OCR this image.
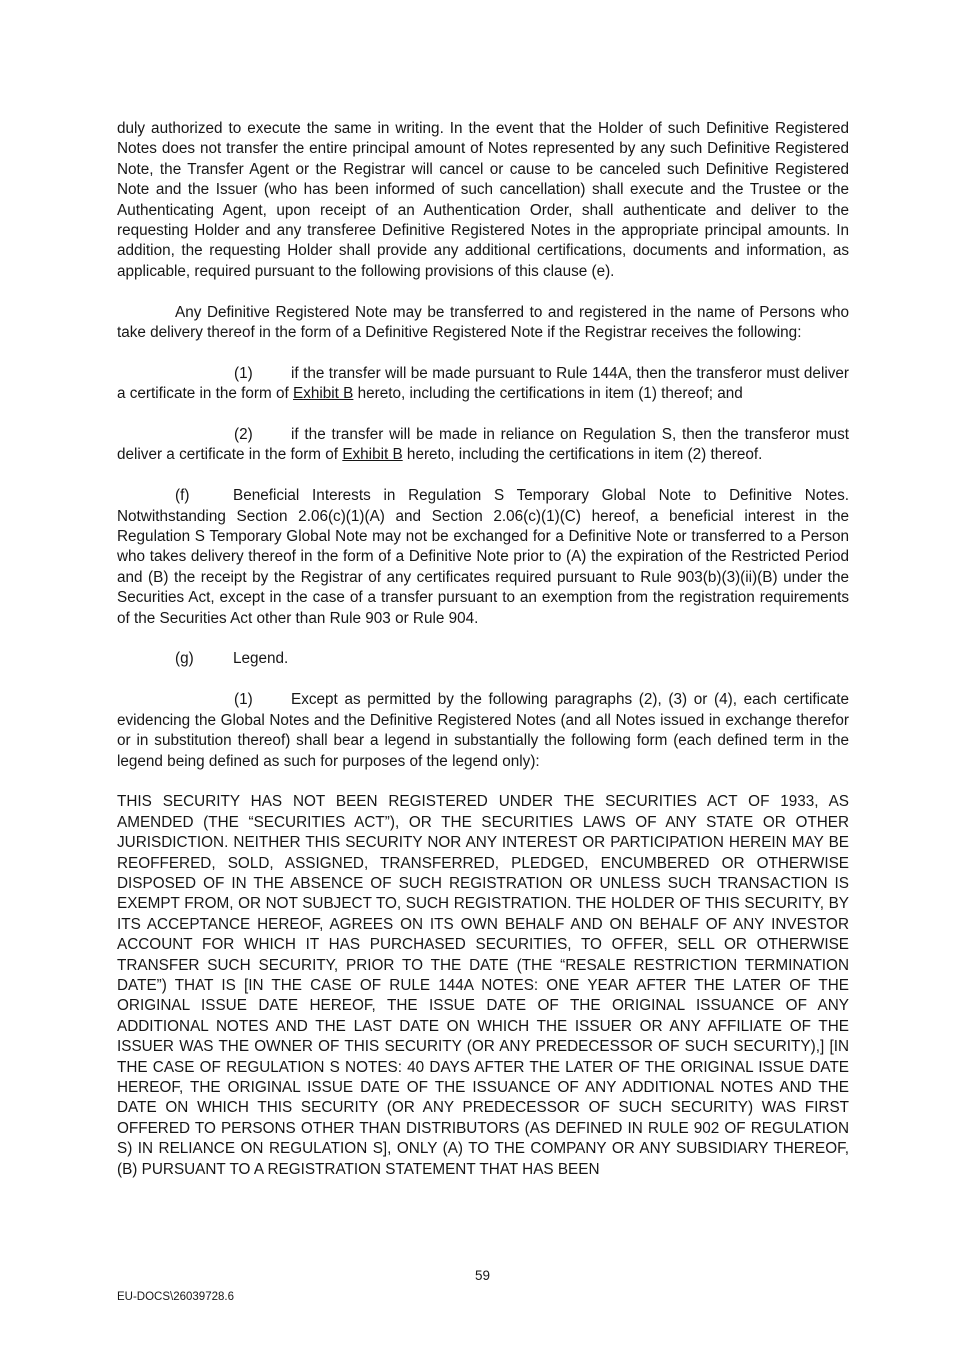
duly authorized to execute the same in writing. In the event that the Holder of such Definitive Registered Notes does not transfer the entire principal amount of Notes represented by any such Definitive Registered Note, the Transfer Agent or the Registrar will cancel or cause to be canceled such Definitive Registered Note and the Issuer (who has been informed of such cancellation) shall execute and the Trustee or the Authenticating Agent, upon receipt of an Authentication Order, shall authenticate and deliver to the requesting Holder and any transferee Definitive Registered Notes in the appropriate principal amounts. In addition, the requesting Holder shall provide any additional certifications, documents and information, as applicable, required pursuant to the following provisions of this clause (e).

Any Definitive Registered Note may be transferred to and registered in the name of Persons who take delivery thereof in the form of a Definitive Registered Note if the Registrar receives the following:

(1)	if the transfer will be made pursuant to Rule 144A, then the transferor must deliver a certificate in the form of Exhibit B hereto, including the certifications in item (1) thereof; and

(2)	if the transfer will be made in reliance on Regulation S, then the transferor must deliver a certificate in the form of Exhibit B hereto, including the certifications in item (2) thereof.

(f)	Beneficial Interests in Regulation S Temporary Global Note to Definitive Notes. Notwithstanding Section 2.06(c)(1)(A) and Section 2.06(c)(1)(C) hereof, a beneficial interest in the Regulation S Temporary Global Note may not be exchanged for a Definitive Note or transferred to a Person who takes delivery thereof in the form of a Definitive Note prior to (A) the expiration of the Restricted Period and (B) the receipt by the Registrar of any certificates required pursuant to Rule 903(b)(3)(ii)(B) under the Securities Act, except in the case of a transfer pursuant to an exemption from the registration requirements of the Securities Act other than Rule 903 or Rule 904.

(g)	Legend.

(1)	Except as permitted by the following paragraphs (2), (3) or (4), each certificate evidencing the Global Notes and the Definitive Registered Notes (and all Notes issued in exchange therefor or in substitution thereof) shall bear a legend in substantially the following form (each defined term in the legend being defined as such for purposes of the legend only):

THIS SECURITY HAS NOT BEEN REGISTERED UNDER THE SECURITIES ACT OF 1933, AS AMENDED (THE “SECURITIES ACT”), OR THE SECURITIES LAWS OF ANY STATE OR OTHER JURISDICTION. NEITHER THIS SECURITY NOR ANY INTEREST OR PARTICIPATION HEREIN MAY BE REOFFERED, SOLD, ASSIGNED, TRANSFERRED, PLEDGED, ENCUMBERED OR OTHERWISE DISPOSED OF IN THE ABSENCE OF SUCH REGISTRATION OR UNLESS SUCH TRANSACTION IS EXEMPT FROM, OR NOT SUBJECT TO, SUCH REGISTRATION. THE HOLDER OF THIS SECURITY, BY ITS ACCEPTANCE HEREOF, AGREES ON ITS OWN BEHALF AND ON BEHALF OF ANY INVESTOR ACCOUNT FOR WHICH IT HAS PURCHASED SECURITIES, TO OFFER, SELL OR OTHERWISE TRANSFER SUCH SECURITY, PRIOR TO THE DATE (THE “RESALE RESTRICTION TERMINATION DATE”) THAT IS [IN THE CASE OF RULE 144A NOTES: ONE YEAR AFTER THE LATER OF THE ORIGINAL ISSUE DATE HEREOF, THE ISSUE DATE OF THE ORIGINAL ISSUANCE OF ANY ADDITIONAL NOTES AND THE LAST DATE ON WHICH THE ISSUER OR ANY AFFILIATE OF THE ISSUER WAS THE OWNER OF THIS SECURITY (OR ANY PREDECESSOR OF SUCH SECURITY),] [IN THE CASE OF REGULATION S NOTES: 40 DAYS AFTER THE LATER OF THE ORIGINAL ISSUE DATE HEREOF, THE ORIGINAL ISSUE DATE OF THE ISSUANCE OF ANY ADDITIONAL NOTES AND THE DATE ON WHICH THIS SECURITY (OR ANY PREDECESSOR OF SUCH SECURITY) WAS FIRST OFFERED TO PERSONS OTHER THAN DISTRIBUTORS (AS DEFINED IN RULE 902 OF REGULATION S) IN RELIANCE ON REGULATION S], ONLY (A) TO THE COMPANY OR ANY SUBSIDIARY THEREOF, (B) PURSUANT TO A REGISTRATION STATEMENT THAT HAS BEEN

59
EU-DOCS\26039728.6
